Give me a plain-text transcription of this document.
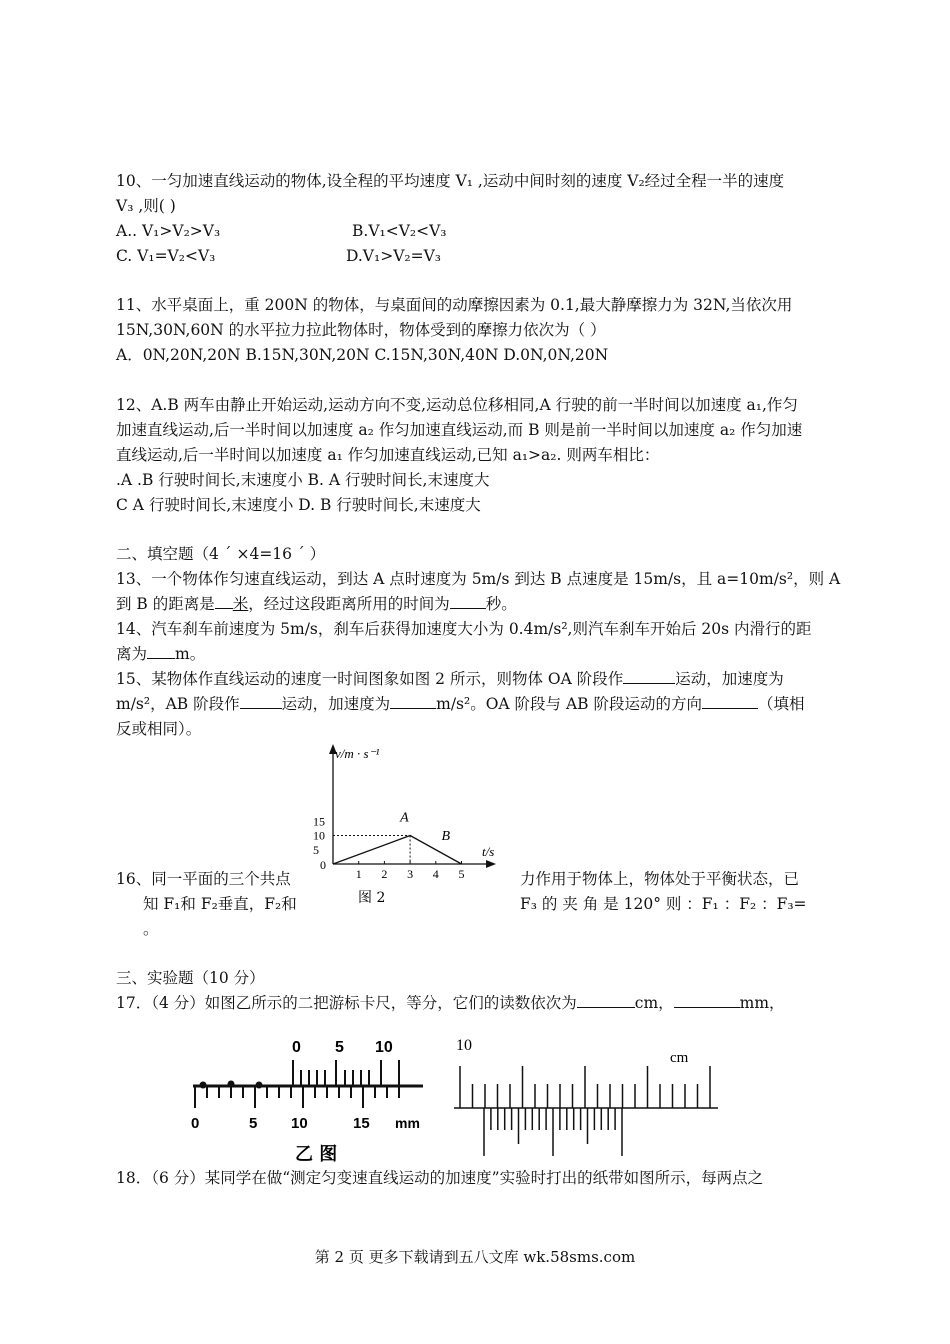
10、一匀加速直线运动的物体,设全程的平均速度 V₁ ,运动中间时刻的速度 V₂经过全程一半的速度
V₃ ,则( )
A.. V₁>V₂>V₃	B.V₁<V₂<V₃
C. V₁=V₂<V₃	D.V₁>V₂=V₃
11、水平桌面上，重 200N 的物体，与桌面间的动摩擦因素为 0.1,最大静摩擦力为 32N,当依次用
15N,30N,60N 的水平拉力拉此物体时，物体受到的摩擦力依次为（ ）
A．0N,20N,20N B.15N,30N,20N C.15N,30N,40N D.0N,0N,20N
12、A.B 两车由静止开始运动,运动方向不变,运动总位移相同,A 行驶的前一半时间以加速度 a₁,作匀
加速直线运动,后一半时间以加速度 a₂ 作匀加速直线运动,而 B 则是前一半时间以加速度 a₂ 作匀加速
直线运动,后一半时间以加速度 a₁ 作匀加速直线运动,已知 a₁>a₂. 则两车相比：
.A .B 行驶时间长,末速度小 B. A 行驶时间长,末速度大
C A 行驶时间长,末速度小 D. B 行驶时间长,末速度大
二、填空题（4 ˊ ×4=16 ˊ ）
13、一个物体作匀速直线运动，到达 A 点时速度为 5m/s 到达 B 点速度是 15m/s，且 a=10m/s²，则 A
到 B 的距离是 米，经过这段距离所用的时间为 秒。
14、汽车刹车前速度为 5m/s，刹车后获得加速度大小为 0.4m/s²,则汽车刹车开始后 20s 内滑行的距
离为 m。
15、某物体作直线运动的速度一时间图象如图 2 所示，则物体 OA 阶段作	运动，加速度为
m/s²，AB 阶段作	运动，加速度为	m/s²。OA 阶段与 AB 阶段运动的方向	（填相
反或相同）。
v/m · s⁻¹
t/s
0
5
10
15
1 2 3 4 5
A
B
图 2
16、同一平面的三个共点	力作用于物体上，物体处于平衡状态，已
知 F₁和 F₂垂直，F₂和	F₃ 的 夹 角 是 120° 则 ：F₁ ：F₂ ：F₃=
。
三、实验题（10 分）
17．（4 分）如图乙所示的二把游标卡尺，等分，它们的读数依次为	cm，	mm，
0 5 10
0	5 10	15 mm
乙 图
10
cm
18．（6 分）某同学在做“测定匀变速直线运动的加速度”实验时打出的纸带如图所示，每两点之
第 2 页 更多下载请到五八文库 wk.58sms.com
